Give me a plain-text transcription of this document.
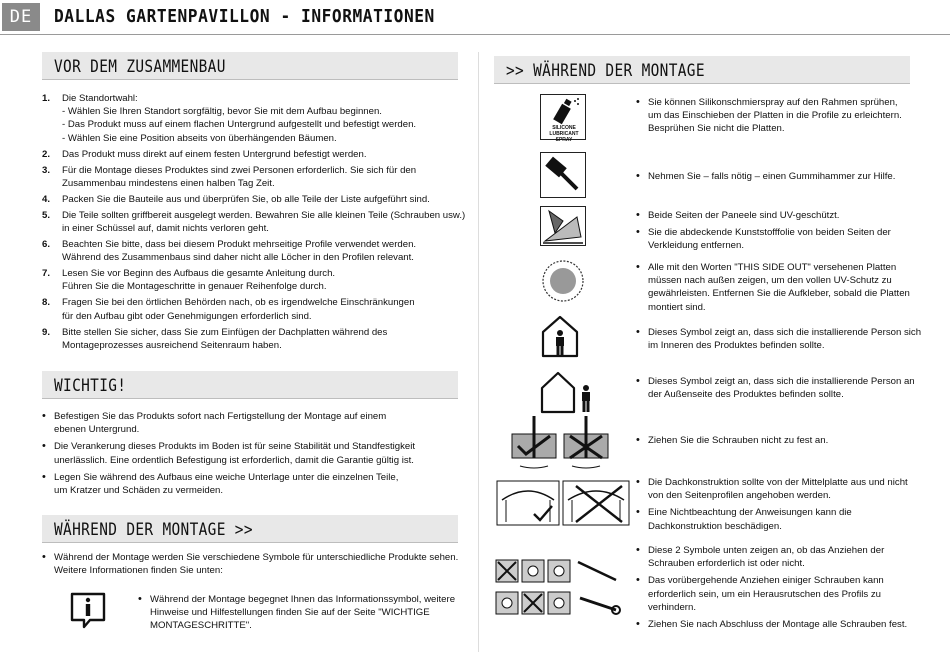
DE	DALLAS GARTENPAVILLON - INFORMATIONEN
VOR DEM ZUSAMMENBAU
1. Die Standortwahl:
- Wählen Sie Ihren Standort sorgfältig, bevor Sie mit dem Aufbau beginnen.
- Das Produkt muss auf einem flachen Untergrund aufgestellt und befestigt werden.
- Wählen Sie eine Position abseits von überhängenden Bäumen.
2. Das Produkt muss direkt auf einem festen Untergrund befestigt werden.
3. Für die Montage dieses Produktes sind zwei Personen erforderlich. Sie sich für den
Zusammenbau mindestens einen halben Tag Zeit.
4. Packen Sie die Bauteile aus und überprüfen Sie, ob alle Teile der Liste aufgeführt sind.
5. Die Teile sollten griffbereit ausgelegt werden. Bewahren Sie alle kleinen Teile (Schrauben usw.)
in einer Schüssel auf, damit nichts verloren geht.
6. Beachten Sie bitte, dass bei diesem Produkt mehrseitige Profile verwendet werden.
Während des Zusammenbaus sind daher nicht alle Löcher in den Profilen relevant.
7. Lesen Sie vor Beginn des Aufbaus die gesamte Anleitung durch.
Führen Sie die Montageschritte in genauer Reihenfolge durch.
8. Fragen Sie bei den örtlichen Behörden nach, ob es irgendwelche Einschränkungen
für den Aufbau gibt oder Genehmigungen erforderlich sind.
9. Bitte stellen Sie sicher, dass Sie zum Einfügen der Dachplatten während des
Montageprozesses ausreichend Seitenraum haben.
WICHTIG!
• Befestigen Sie das Produkts sofort nach Fertigstellung der Montage auf einem
ebenen Untergrund.
• Die Verankerung dieses Produkts im Boden ist für seine Stabilität und Standfestigkeit
unerlässlich. Eine ordentlich Befestigung ist erforderlich, damit die Garantie gültig ist.
• Legen Sie während des Aufbaus eine weiche Unterlage unter die einzelnen Teile,
um Kratzer und Schäden zu vermeiden.
WÄHREND DER MONTAGE >>
• Während der Montage werden Sie verschiedene Symbole für unterschiedliche Produkte sehen.
Weitere Informationen finden Sie unten:
• Während der Montage begegnet Ihnen das Informationssymbol, weitere
Hinweise und Hilfestellungen finden Sie auf der Seite "WICHTIGE
MONTAGESCHRITTE".
>> WÄHREND DER MONTAGE
SILICONE
LUBRICANT SPRAY
• Sie können Silikonschmierspray auf den Rahmen sprühen,
um das Einschieben der Platten in die Profile zu erleichtern.
Besprühen Sie nicht die Platten.
• Nehmen Sie – falls nötig – einen Gummihammer zur Hilfe.
• Beide Seiten der Paneele sind UV-geschützt.
• Sie die abdeckende Kunststofffolie von beiden Seiten der
Verkleidung entfernen.
• Alle mit den Worten "THIS SIDE OUT" versehenen Platten
müssen nach außen zeigen, um den vollen UV-Schutz zu
gewährleisten. Entfernen Sie die Aufkleber, sobald die Platten
montiert sind.
• Dieses Symbol zeigt an, dass sich die installierende Person sich
im Inneren des Produktes befinden sollte.
• Dieses Symbol zeigt an, dass sich die installierende Person an
der Außenseite des Produktes befinden sollte.
• Ziehen Sie die Schrauben nicht zu fest an.
• Die Dachkonstruktion sollte von der Mittelplatte aus und nicht
von den Seitenprofilen angehoben werden.
• Eine Nichtbeachtung der Anweisungen kann die
Dachkonstruktion beschädigen.
• Diese 2 Symbole unten zeigen an, ob das Anziehen der
Schrauben erforderlich ist oder nicht.
• Das vorübergehende Anziehen einiger Schrauben kann
erforderlich sein, um ein Herausrutschen des Profils zu
verhindern.
• Ziehen Sie nach Abschluss der Montage alle Schrauben fest.
